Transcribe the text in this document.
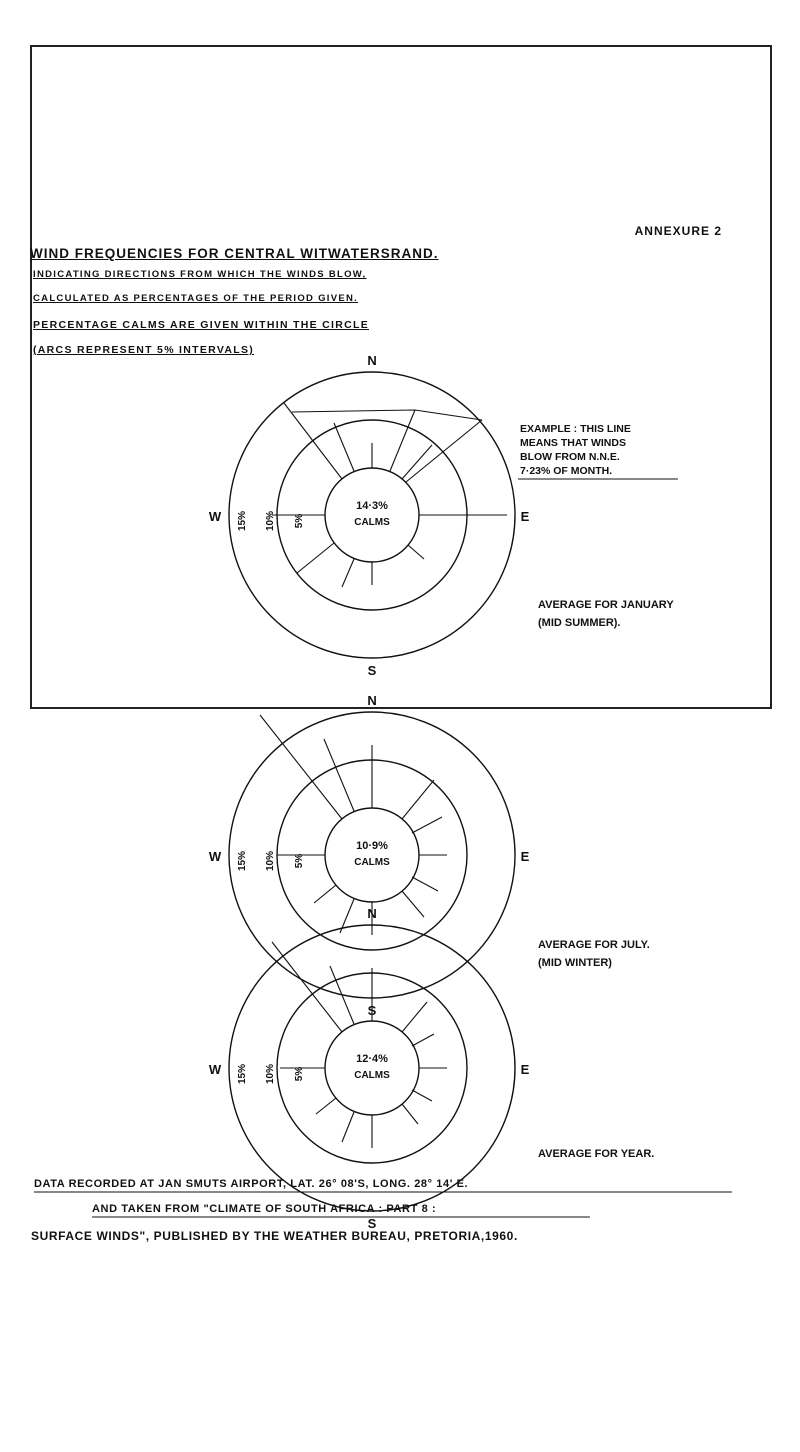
ANNEXURE 2
WIND FREQUENCIES FOR CENTRAL WITWATERSRAND.
INDICATING DIRECTIONS FROM WHICH THE WINDS BLOW,
CALCULATED AS PERCENTAGES OF THE PERIOD GIVEN.
PERCENTAGE CALMS ARE GIVEN WITHIN THE CIRCLE
(ARCS REPRESENT 5% INTERVALS)
N
S
E
W
14·3%
CALMS
15% 10% 5%
EXAMPLE : THIS LINE
MEANS THAT WINDS
BLOW FROM N.N.E.
7·23% OF MONTH.
AVERAGE FOR JANUARY
(MID SUMMER).
N
S
E
W
10·9%
CALMS
15% 10% 5%
AVERAGE FOR JULY.
(MID WINTER)
N
S
E
W
12·4%
CALMS
15% 10% 5%
AVERAGE FOR YEAR.
DATA RECORDED AT JAN SMUTS AIRPORT, LAT. 26° 08'S, LONG. 28° 14' E.
AND TAKEN FROM "CLIMATE OF SOUTH AFRICA : PART 8 :
SURFACE WINDS", PUBLISHED BY THE WEATHER BUREAU, PRETORIA,1960.
